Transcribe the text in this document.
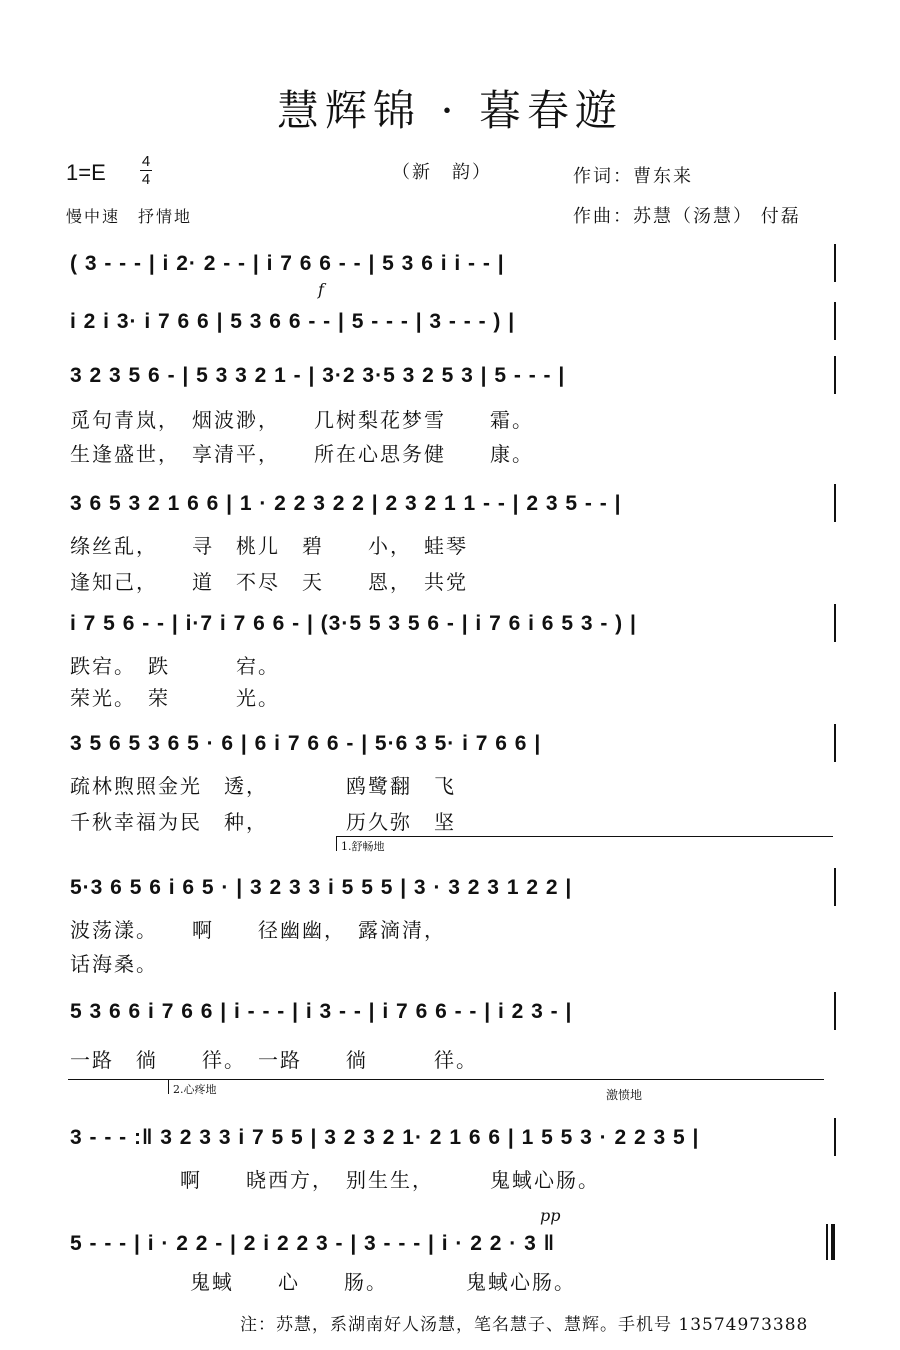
慧辉锦 · 暮春遊
1=E 4
4	（新　韵）	作词：曹东来
慢中速　抒情地	作曲：苏慧（汤慧） 付磊
( 3 - - - | i 2· 2 - - | i 7 6 6 - - | 5 3 6 i i - - |
i 2 i 3· i 7 6 6 | 5 3 6 6 - - | 5 - - - | 3 - - - ) |
f
3 2 3 5 6 - | 5 3 3 2 1 - | 3·2 3·5 3 2 5 3 | 5 - - - |
觅句青岚，　烟波渺，　　几树梨花梦雪　　霜。
生逢盛世，　享清平，　　所在心思务健　　康。
3 6 5 3 2 1 6 6 | 1 · 2 2 3 2 2 | 2 3 2 1 1 - - | 2 3 5 - - |
绦丝乱，　　寻　桃儿　碧　　小，　蛙琴
逢知己，　　道　不尽　天　　恩，　共党
i 7 5 6 - - | i·7 i 7 6 6 - | (3·5 5 3 5 6 - | i 7 6 i 6 5 3 - ) |
跌宕。　跌　　　宕。
荣光。　荣　　　光。
3 5 6 5 3 6 5 · 6 | 6 i 7 6 6 - | 5·6 3 5· i 7 6 6 |
疏林煦照金光　透，　　　　鸥鹭翻　飞
千秋幸福为民　种，　　　　历久弥　坚
1.舒畅地
5·3 6 5 6 i 6 5 · | 3 2 3 3 i 5 5 5 | 3 · 3 2 3 1 2 2 |
波荡漾。　　啊　　径幽幽，　露滴清，
话海桑。
5 3 6 6 i 7 6 6 | i - - - | i 3 - - | i 7 6 6 - - | i 2 3 - |
一路　徜　　徉。　一路　　徜　　　徉。
2.心疼地	激愤地
3 - - - :‖ 3 2 3 3 i 7 5 5 | 3 2 3 2 1· 2 1 6 6 | 1 5 5 3 · 2 2 3 5 |
啊　　晓西方，　别生生，　　　鬼蜮心肠。
pp
5 - - - | i · 2 2 - | 2 i 2 2 3 - | 3 - - - | i · 2 2 · 3 ‖
鬼蜮　　心　　肠。　　　　鬼蜮心肠。
注：苏慧，系湖南好人汤慧，笔名慧子、慧辉。手机号 13574973388
